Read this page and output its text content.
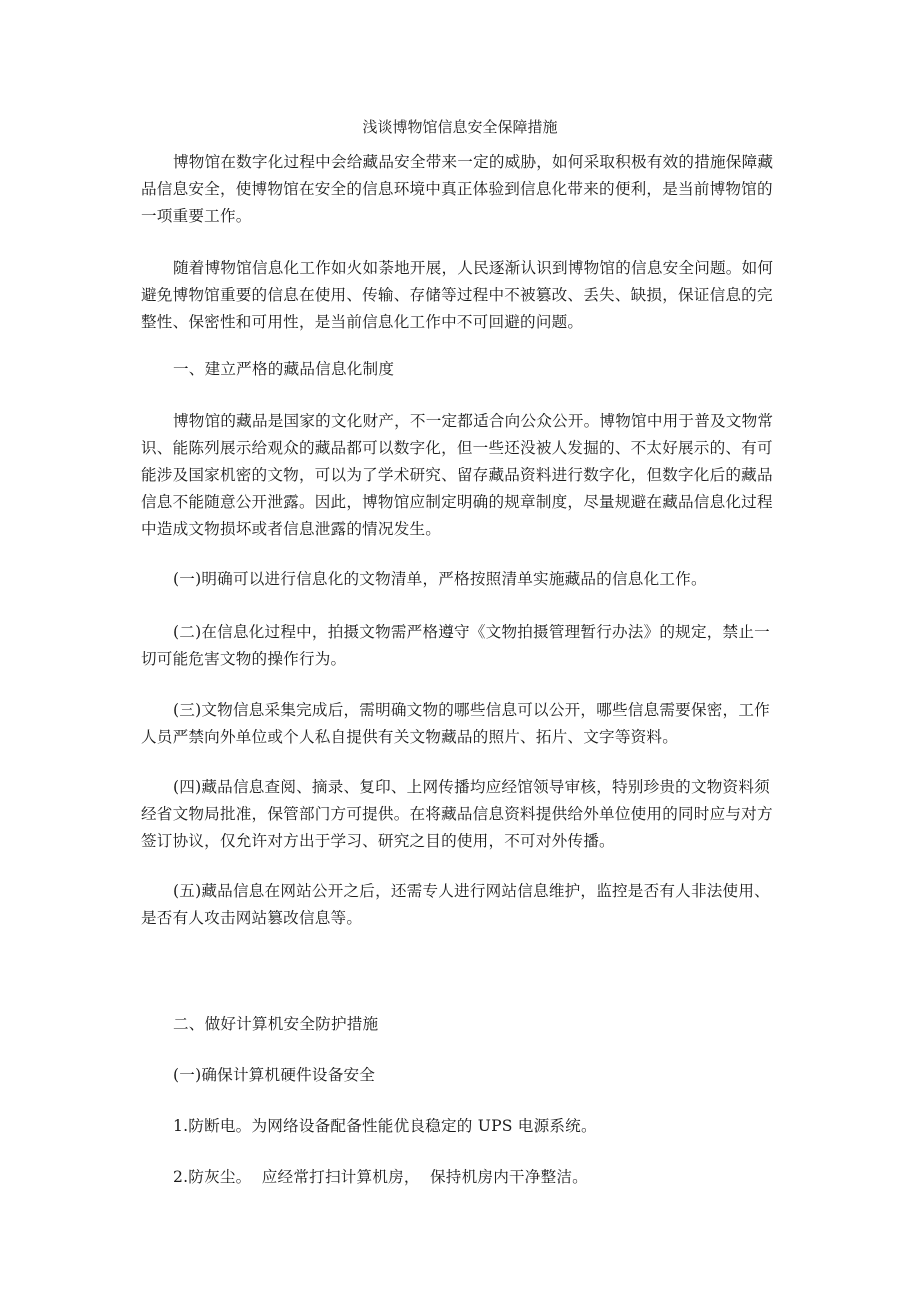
浅谈博物馆信息安全保障措施
博物馆在数字化过程中会给藏品安全带来一定的威胁，如何采取积极有效的措施保障藏
品信息安全，使博物馆在安全的信息环境中真正体验到信息化带来的便利，是当前博物馆的
一项重要工作。
随着博物馆信息化工作如火如荼地开展，人民逐渐认识到博物馆的信息安全问题。如何
避免博物馆重要的信息在使用、传输、存储等过程中不被篡改、丢失、缺损，保证信息的完
整性、保密性和可用性，是当前信息化工作中不可回避的问题。
一、建立严格的藏品信息化制度
博物馆的藏品是国家的文化财产，不一定都适合向公众公开。博物馆中用于普及文物常
识、能陈列展示给观众的藏品都可以数字化，但一些还没被人发掘的、不太好展示的、有可
能涉及国家机密的文物，可以为了学术研究、留存藏品资料进行数字化，但数字化后的藏品
信息不能随意公开泄露。因此，博物馆应制定明确的规章制度，尽量规避在藏品信息化过程
中造成文物损坏或者信息泄露的情况发生。
(一)明确可以进行信息化的文物清单，严格按照清单实施藏品的信息化工作。
(二)在信息化过程中，拍摄文物需严格遵守《文物拍摄管理暂行办法》的规定，禁止一
切可能危害文物的操作行为。
(三)文物信息采集完成后，需明确文物的哪些信息可以公开，哪些信息需要保密，工作
人员严禁向外单位或个人私自提供有关文物藏品的照片、拓片、文字等资料。
(四)藏品信息查阅、摘录、复印、上网传播均应经馆领导审核，特别珍贵的文物资料须
经省文物局批准，保管部门方可提供。在将藏品信息资料提供给外单位使用的同时应与对方
签订协议，仅允许对方出于学习、研究之目的使用，不可对外传播。
(五)藏品信息在网站公开之后，还需专人进行网站信息维护，监控是否有人非法使用、
是否有人攻击网站篡改信息等。
二、做好计算机安全防护措施
(一)确保计算机硬件设备安全
1.防断电。为网络设备配备性能优良稳定的 UPS 电源系统。
2.防灰尘。  应经常打扫计算机房，  保持机房内干净整洁。
